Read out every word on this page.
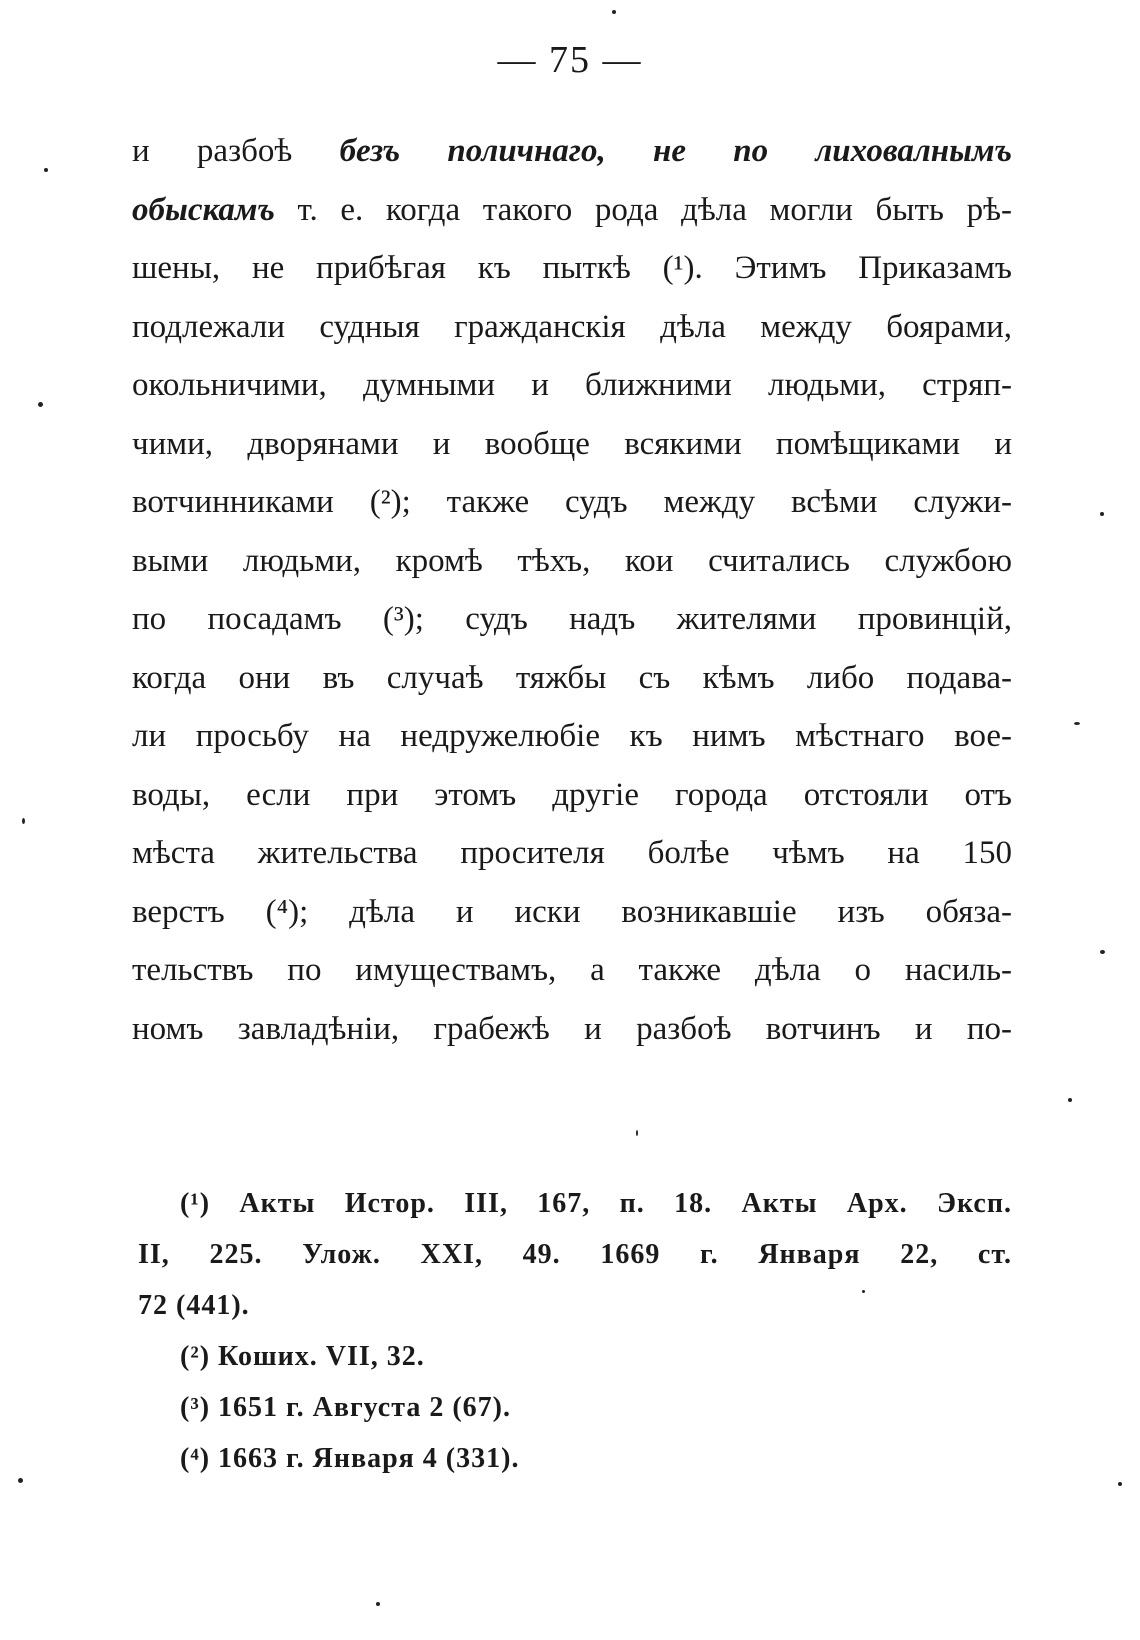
— 75 —
и разбоѣ безъ поличнаго, не по лиховалнымъ
обыскамъ т. е. когда такого рода дѣла могли быть рѣ-
шены, не прибѣгая къ пыткѣ (¹). Этимъ Приказамъ
подлежали судныя гражданскія дѣла между боярами,
окольничими, думными и ближними людьми, стряп-
чими, дворянами и вообще всякими помѣщиками и
вотчинниками (²); также судъ между всѣми служи-
выми людьми, кромѣ тѣхъ, кои считались службою
по посадамъ (³); судъ надъ жителями провинцій,
когда они въ случаѣ тяжбы съ кѣмъ либо подава-
ли просьбу на недружелюбіе къ нимъ мѣстнаго вое-
воды, если при этомъ другіе города отстояли отъ
мѣста жительства просителя болѣе чѣмъ на 150
верстъ (⁴); дѣла и иски возникавшіе изъ обяза-
тельствъ по имуществамъ, а также дѣла о насиль-
номъ завладѣніи, грабежѣ и разбоѣ вотчинъ и по-
(¹) Акты Истор. III, 167, п. 18. Акты Арх. Эксп.
II, 225. Улож. XXI, 49. 1669 г. Января 22, ст.
72 (441).
(²) Коших. VII, 32.
(³) 1651 г. Августа 2 (67).
(⁴) 1663 г. Января 4 (331).
